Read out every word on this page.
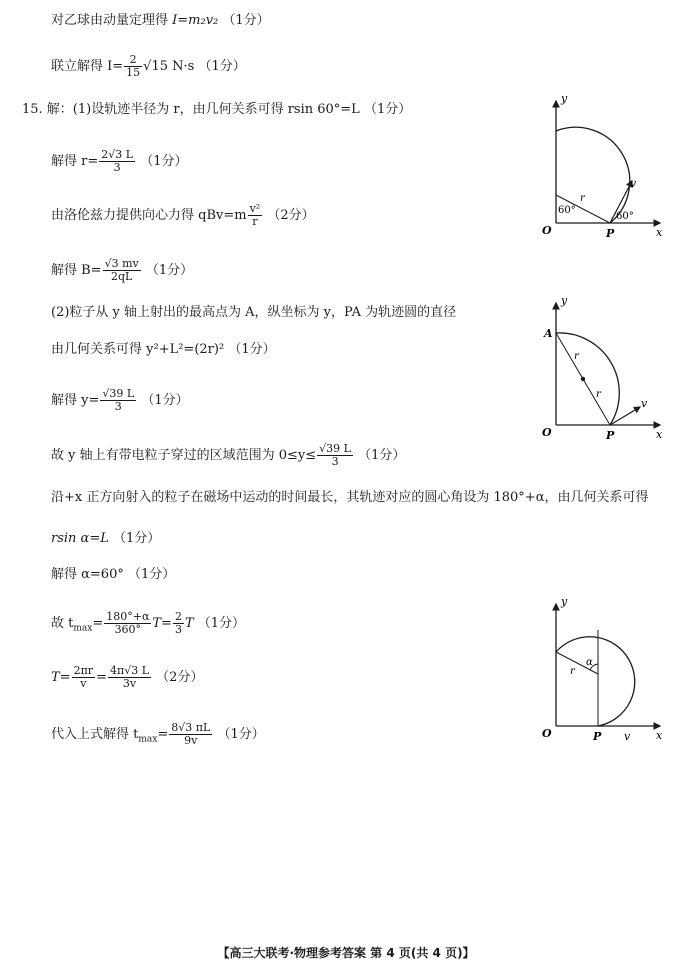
对乙球由动量定理得 I=m₂v₂ （1分）
联立解得 $I= \frac{2}{15} √15$ N·s （1分）
15. 解：(1)设轨迹半径为 r，由几何关系可得 rsin 60°=L （1分）
解得 $r= \frac{2√3 L}{3} (1$分）
由洛伦兹力提供向心力得 $qBv=m \frac{\text{v²}}{r} (2$分）
解得 $B= \frac{√3 mv}{2qL} (1$分）
(2)粒子从 y 轴上射出的最高点为 A，纵坐标为 y，PA 为轨迹圆的直径
由几何关系可得 y²+L²=(2r)² （1分）
解得 $y= \frac{√39 L}{3} (1$分）
故 y 轴上有带电粒子穿过的区域范围为 $0\le y\le \frac{√39 L}{3} (1$分）
沿+x 正方向射入的粒子在磁场中运动的时间最长，其轨迹对应的圆心角设为 180°+α，由几何关系可得
rsin α=L （1分）
解得 α=60° （1分）
故 $t_{max}= \frac{180^\circ+\alpha}{360^\circ} T= \frac{2}{3}$ T （1分）
$T= \frac{2\pi r}{v} = \frac{4\pi√3 L}{3v} (2$分）
代入上式解得 $t_{max}= \frac{8√3 \pi L}{9v} (1$分）
y
x
O	P
r
v
60°
60°
y
x
O	P
A
r
r
v
y
x
O	P v
r
α
【高三大联考·物理参考答案 第 4 页(共 4 页)】
